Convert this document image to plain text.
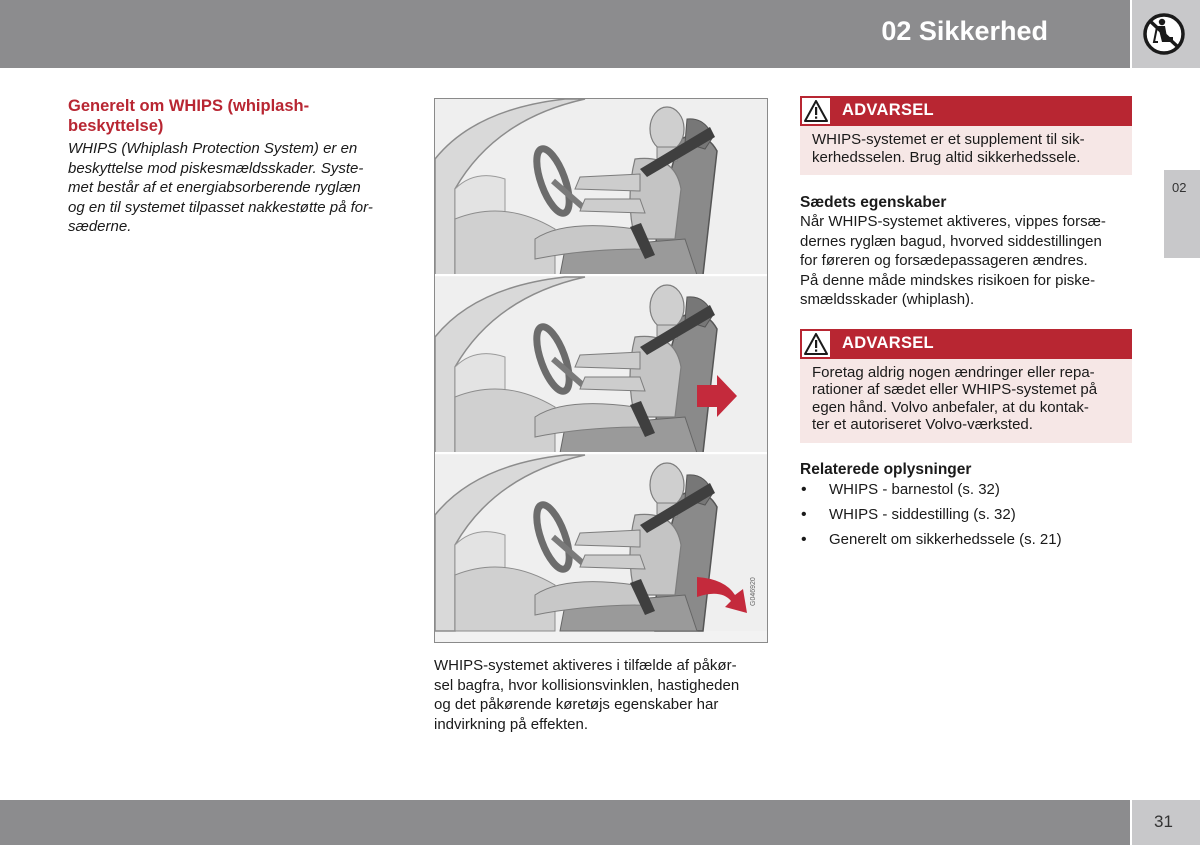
02 Sikkerhed
02
Generelt om WHIPS (whiplash-
beskyttelse)
WHIPS (Whiplash Protection System) er en
beskyttelse mod piskesmældsskader. Syste-
met består af et energiabsorberende ryglæn
og en til systemet tilpasset nakkestøtte på for-
sæderne.
G046920
WHIPS-systemet aktiveres i tilfælde af påkør-
sel bagfra, hvor kollisionsvinklen, hastigheden
og det påkørende køretøjs egenskaber har
indvirkning på effekten.
ADVARSEL
WHIPS-systemet er et supplement til sik-
kerhedsselen. Brug altid sikkerhedssele.
Sædets egenskaber
Når WHIPS-systemet aktiveres, vippes forsæ-
dernes ryglæn bagud, hvorved siddestillingen
for føreren og forsædepassageren ændres.
På denne måde mindskes risikoen for piske-
smældsskader (whiplash).
ADVARSEL
Foretag aldrig nogen ændringer eller repa-
rationer af sædet eller WHIPS-systemet på
egen hånd. Volvo anbefaler, at du kontak-
ter et autoriseret Volvo-værksted.
Relaterede oplysninger
• WHIPS - barnestol (s. 32)
• WHIPS - siddestilling (s. 32)
• Generelt om sikkerhedssele (s. 21)
31
